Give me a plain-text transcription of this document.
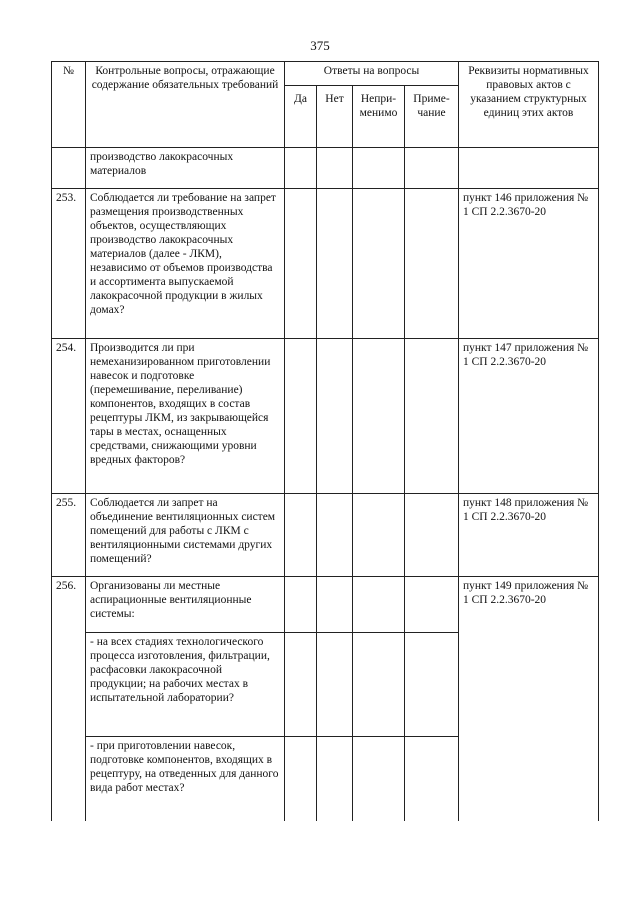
375
№	Контрольные вопросы, отражающие содержание обязательных требований	Ответы на вопросы				Реквизиты нормативных правовых актов с указанием структурных единиц этих актов
		Да	Нет	Непри-менимо	Приме-чание	
	производство лакокрасочных материалов					
253.	Соблюдается ли требование на запрет размещения производственных объектов, осуществляющих производство лакокрасочных материалов (далее - ЛКМ), независимо от объемов производства и ассортимента выпускаемой лакокрасочной продукции в жилых домах?					пункт 146 приложения № 1 СП 2.2.3670-20
254.	Производится ли при немеханизированном приготовлении навесок и подготовке (перемешивание, переливание) компонентов, входящих в состав рецептуры ЛКМ, из закрывающейся тары в местах, оснащенных средствами, снижающими уровни вредных факторов?					пункт 147 приложения № 1 СП 2.2.3670-20
255.	Соблюдается ли запрет на объединение вентиляционных систем помещений для работы с ЛКМ с вентиляционными системами других помещений?					пункт 148 приложения № 1 СП 2.2.3670-20
256.	Организованы ли местные аспирационные вентиляционные системы:					пункт 149 приложения № 1 СП 2.2.3670-20
	- на всех стадиях технологического процесса изготовления, фильтрации, расфасовки лакокрасочной продукции; на рабочих местах в испытательной лаборатории?					
	- при приготовлении навесок, подготовке компонентов, входящих в рецептуру, на отведенных для данного вида работ местах?					
